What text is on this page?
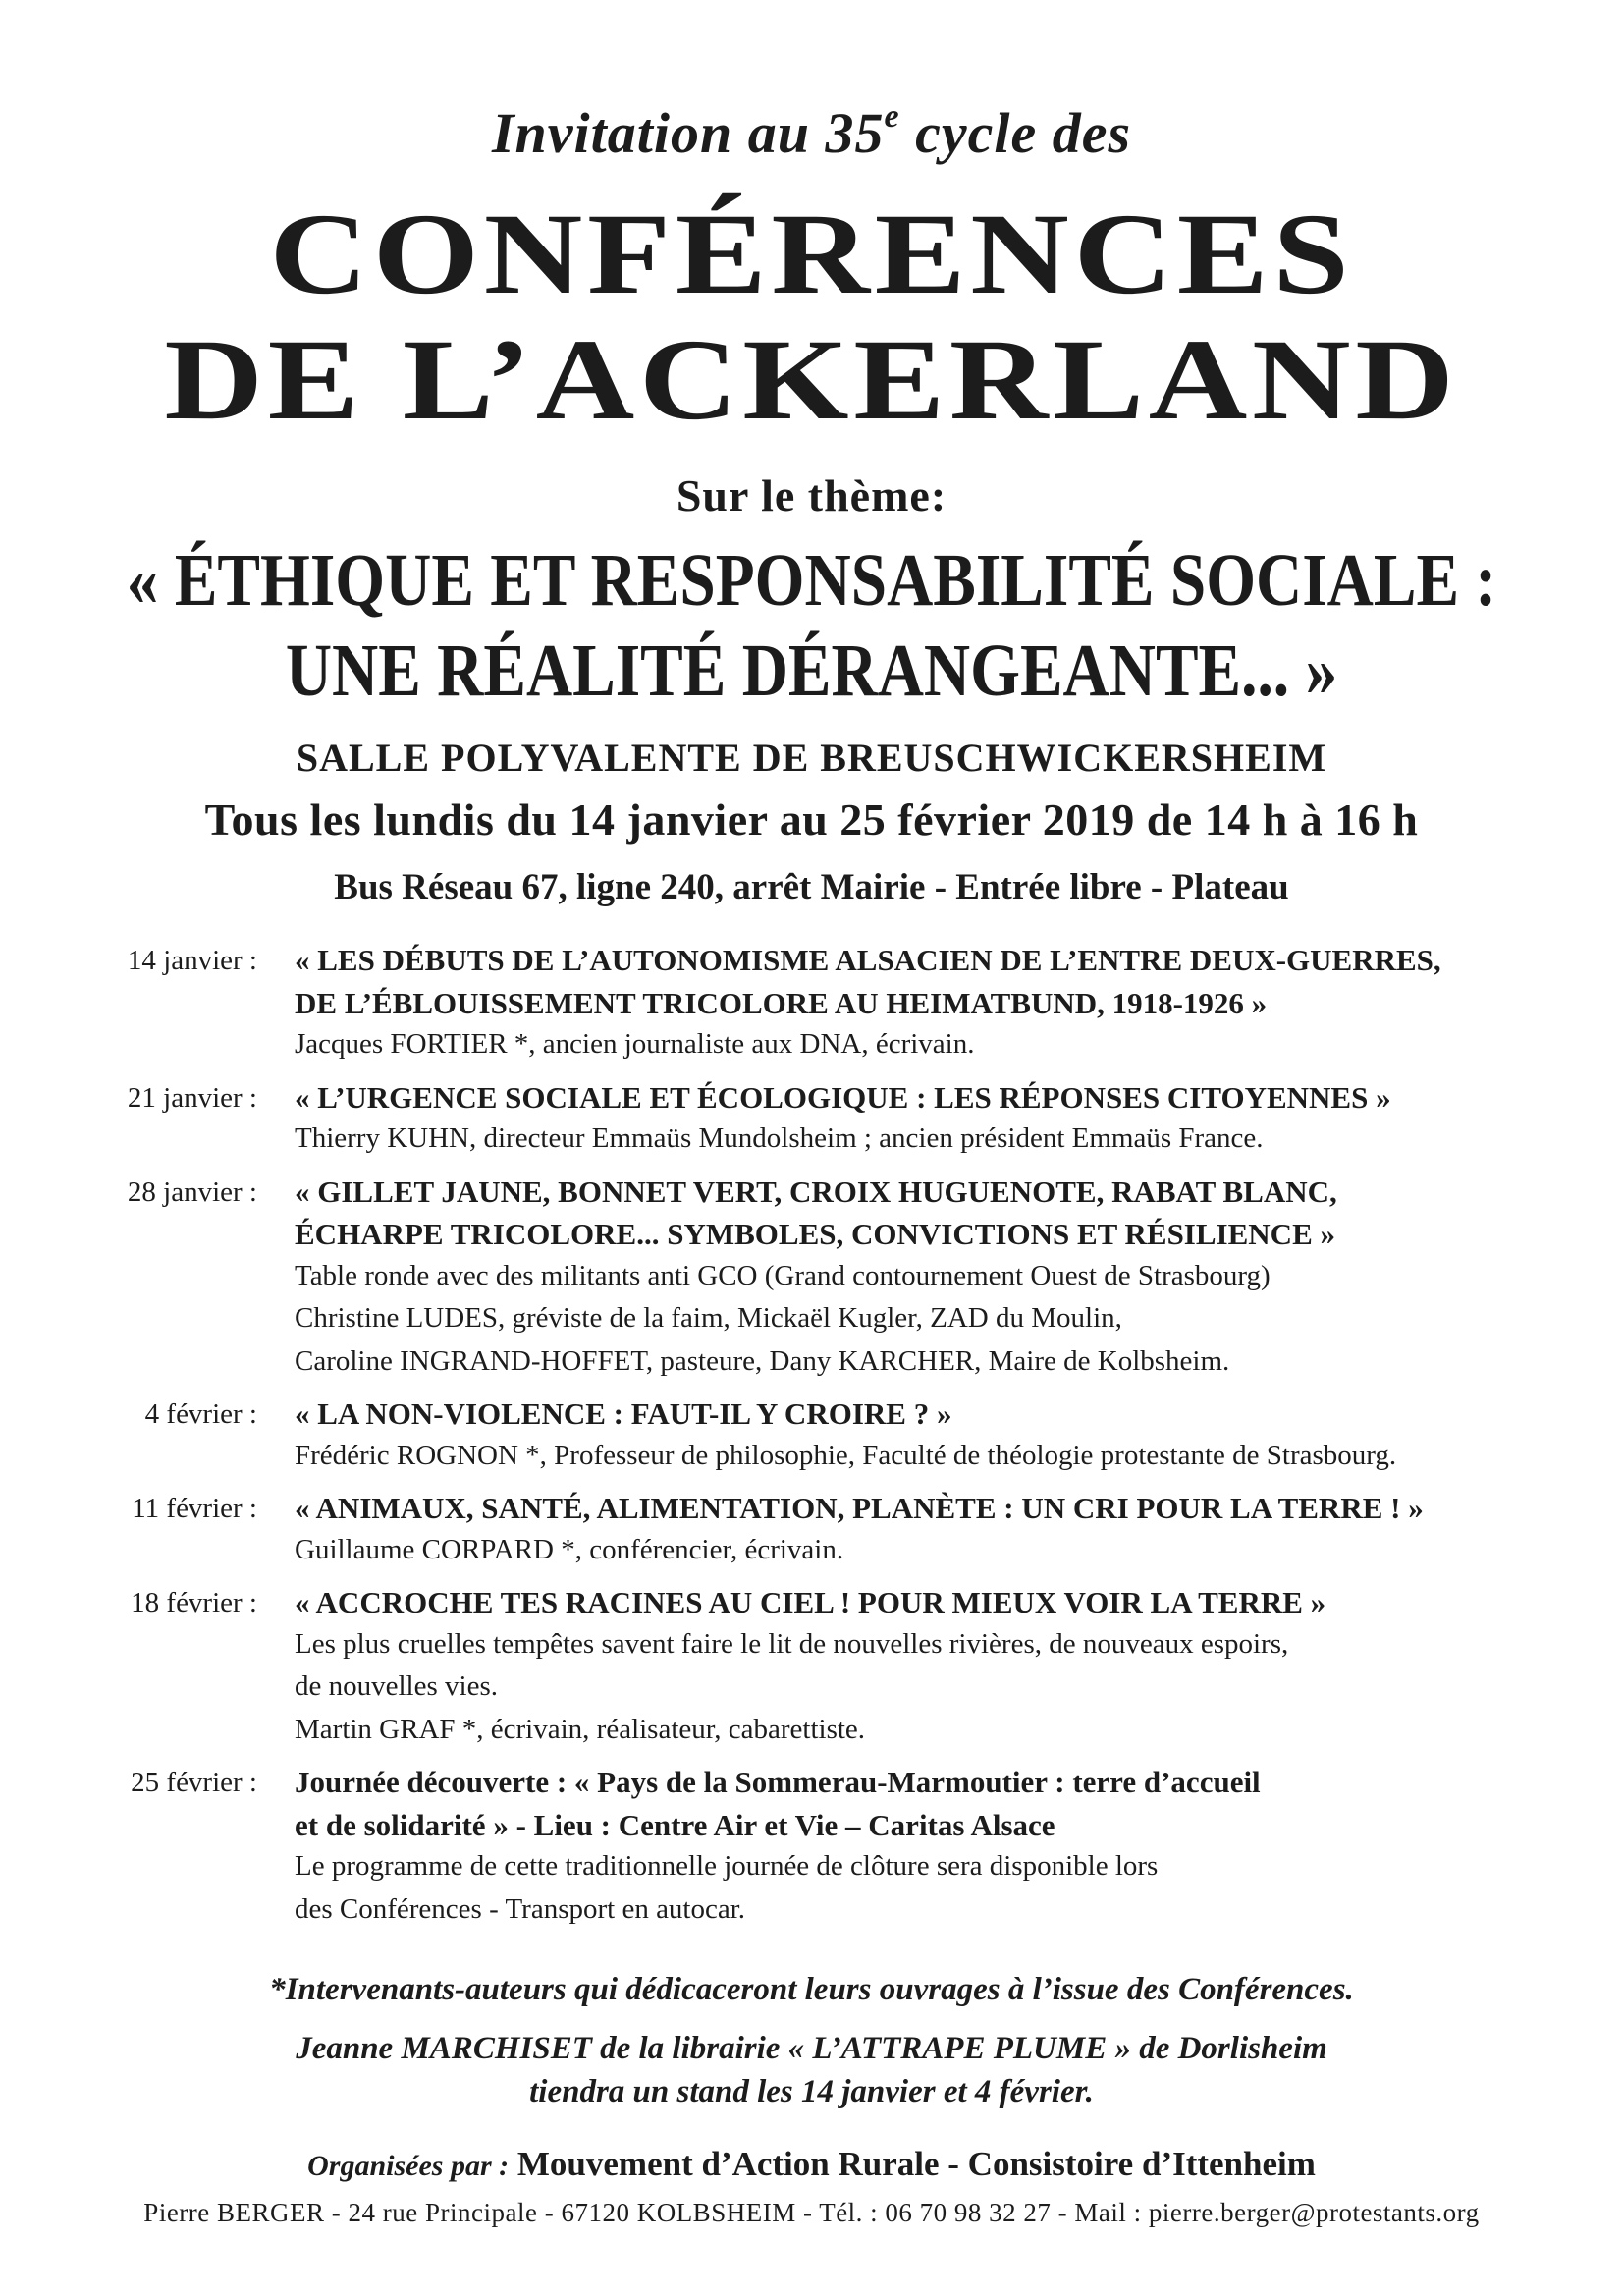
Invitation au 35e cycle des
CONFÉRENCES
DE L’ACKERLAND
Sur le thème:
« ÉTHIQUE ET RESPONSABILITÉ SOCIALE :
UNE RÉALITÉ DÉRANGEANTE... »
SALLE POLYVALENTE DE BREUSCHWICKERSHEIM
Tous les lundis du 14 janvier au 25 février 2019 de 14 h à 16 h
Bus Réseau 67, ligne 240, arrêt Mairie - Entrée libre - Plateau
14 janvier : « LES DÉBUTS DE L’AUTONOMISME ALSACIEN DE L’ENTRE DEUX-GUERRES,
DE L’ÉBLOUISSEMENT TRICOLORE AU HEIMATBUND, 1918-1926 »
Jacques FORTIER *, ancien journaliste aux DNA, écrivain.
21 janvier : « L’URGENCE SOCIALE ET ÉCOLOGIQUE : LES RÉPONSES CITOYENNES »
Thierry KUHN, directeur Emmaüs Mundolsheim ; ancien président Emmaüs France.
28 janvier : « GILLET JAUNE, BONNET VERT, CROIX HUGUENOTE, RABAT BLANC,
ÉCHARPE TRICOLORE... SYMBOLES, CONVICTIONS ET RÉSILIENCE »
Table ronde avec des militants anti GCO (Grand contournement Ouest de Strasbourg)
Christine LUDES, gréviste de la faim, Mickaël Kugler, ZAD du Moulin,
Caroline INGRAND-HOFFET, pasteure, Dany KARCHER, Maire de Kolbsheim.
4 février : « LA NON-VIOLENCE : FAUT-IL Y CROIRE ? »
Frédéric ROGNON *, Professeur de philosophie, Faculté de théologie protestante de Strasbourg.
11 février : « ANIMAUX, SANTÉ, ALIMENTATION, PLANÈTE : UN CRI POUR LA TERRE ! »
Guillaume CORPARD *, conférencier, écrivain.
18 février : « ACCROCHE TES RACINES AU CIEL ! POUR MIEUX VOIR LA TERRE »
Les plus cruelles tempêtes savent faire le lit de nouvelles rivières, de nouveaux espoirs,
de nouvelles vies.
Martin GRAF *, écrivain, réalisateur, cabarettiste.
25 février : Journée découverte : « Pays de la Sommerau-Marmoutier : terre d’accueil
et de solidarité » - Lieu : Centre Air et Vie – Caritas Alsace
Le programme de cette traditionnelle journée de clôture sera disponible lors
des Conférences - Transport en autocar.
*Intervenants-auteurs qui dédicaceront leurs ouvrages à l’issue des Conférences.
Jeanne MARCHISET de la librairie « L’ATTRAPE PLUME » de Dorlisheim
tiendra un stand les 14 janvier et 4 février.
Organisées par : Mouvement d’Action Rurale - Consistoire d’Ittenheim
Pierre BERGER - 24 rue Principale - 67120 KOLBSHEIM - Tél. : 06 70 98 32 27 - Mail : pierre.berger@protestants.org
